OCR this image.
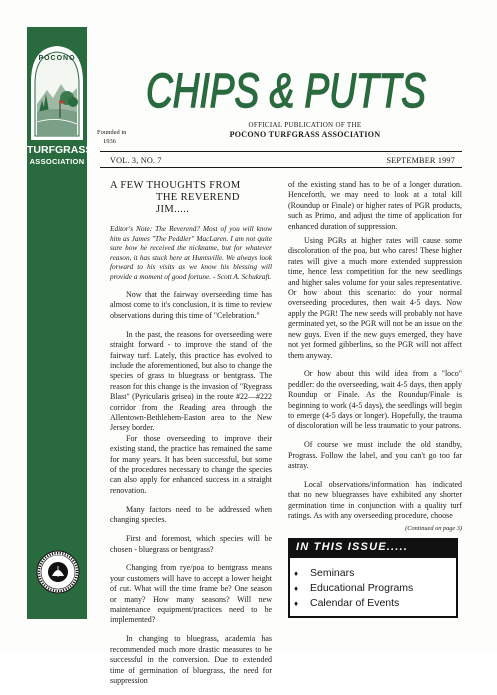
POCONO
TURFGRASS
ASSOCIATION
CHIPS & PUTTS
Founded in
1936
OFFICIAL PUBLICATION OF THE
POCONO TURFGRASS ASSOCIATION
VOL. 3, NO. 7	SEPTEMBER 1997
A FEW THOUGHTS FROM
THE REVEREND JIM.....

Editor's Note: The Reverend? Most of you will know him as James "The Peddler" MacLaren. I am not quite sure how he received the nickname, but for whatever reason, it has stuck here at Huntsville. We always look forward to his visits as we know his blessing will provide a moment of good fortune. - Scott A. Schukraft.

Now that the fairway overseeding time has almost come to it's conclusion, it is time to review observations during this time of "Celebration."

In the past, the reasons for overseeding were straight forward - to improve the stand of the fairway turf. Lately, this practice has evolved to include the aforementioned, but also to change the species of grass to bluegrass or bentgrass. The reason for this change is the invasion of "Ryegrass Blast" (Pyricularis grisea) in the route #22—#222 corridor from the Reading area through the Allentown-Bethlehem-Easton area to the New Jersey border.

For those overseeding to improve their existing stand, the practice has remained the same for many years. It has been successful, but some of the procedures necessary to change the species can also apply for enhanced success in a straight renovation.

Many factors need to be addressed when changing species.

First and foremost, which species will be chosen - bluegrass or bentgrass?

Changing from rye/poa to bentgrass means your customers will have to accept a lower height of cut. What will the time frame be? One season or many? How many seasons? Will new maintenance equipment/practices need to be implemented?

In changing to bluegrass, academia has recommended much more drastic measures to be successful in the conversion. Due to extended time of germination of bluegrass, the need for suppression

of the existing stand has to be of a longer duration. Henceforth, we may need to look at a total kill (Roundup or Finale) or higher rates of PGR products, such as Primo, and adjust the time of application for enhanced duration of suppression.

Using PGRs at higher rates will cause some discoloration of the poa, but who cares! These higher rates will give a much more extended suppression time, hence less competition for the new seedlings and higher sales volume for your sales representative. Or how about this scenario: do your normal overseeding procedures, then wait 4-5 days. Now apply the PGR! The new seeds will probably not have germinated yet, so the PGR will not be an issue on the new guys. Even if the new guys emerged, they have not yet formed gibberlins, so the PGR will not affect them anyway.

Or how about this wild idea from a "loco" peddler: do the overseeding, wait 4-5 days, then apply Roundup or Finale. As the Roundup/Finale is beginning to work (4-5 days), the seedlings will begin to emerge (4-5 days or longer). Hopefully, the trauma of discoloration will be less traumatic to your patrons.

Of course we must include the old standby, Prograss. Follow the label, and you can't go too far astray.

Local observations/information has indicated that no new bluegrasses have exhibited any shorter germination time in conjunction with a quality turf ratings. As with any overseeding procedure, choose

(Continued on page 3)
IN THIS ISSUE.....
♦ Seminars
♦ Educational Programs
♦ Calendar of Events
